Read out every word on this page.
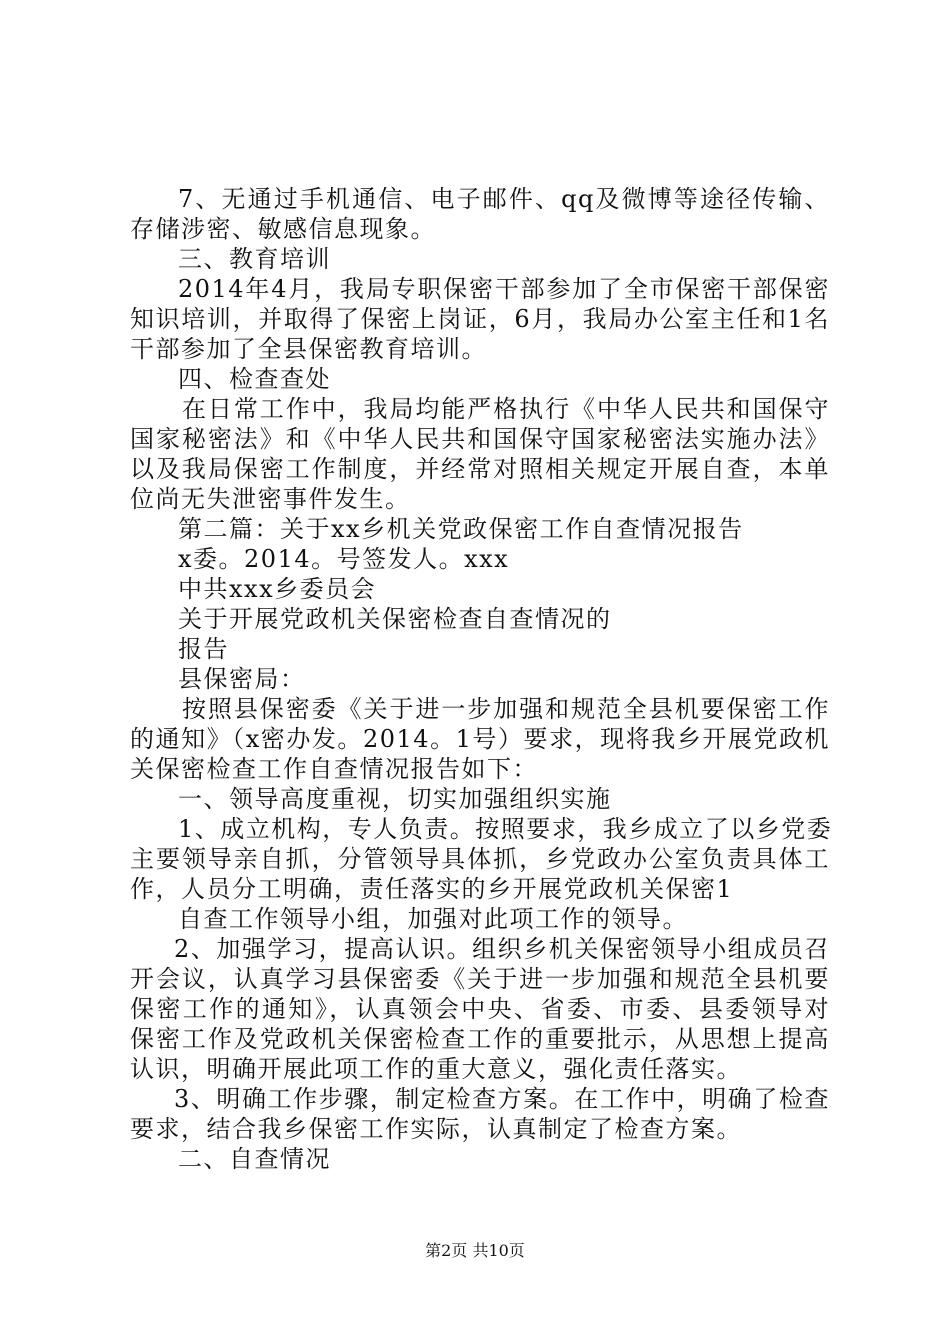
7、无通过手机通信、电子邮件、qq及微博等途径传输、
存储涉密、敏感信息现象。
三、教育培训
2014年4月，我局专职保密干部参加了全市保密干部保密
知识培训，并取得了保密上岗证，6月，我局办公室主任和1名
干部参加了全县保密教育培训。
四、检查查处
在日常工作中，我局均能严格执行《中华人民共和国保守
国家秘密法》和《中华人民共和国保守国家秘密法实施办法》
以及我局保密工作制度，并经常对照相关规定开展自查，本单
位尚无失泄密事件发生。
第二篇：关于xx乡机关党政保密工作自查情况报告
x委。2014。号签发人。xxx
中共xxx乡委员会
关于开展党政机关保密检查自查情况的
报告
县保密局：
按照县保密委《关于进一步加强和规范全县机要保密工作
的通知》（x密办发。2014。1号）要求，现将我乡开展党政机
关保密检查工作自查情况报告如下：
一、领导高度重视，切实加强组织实施
1、成立机构，专人负责。按照要求，我乡成立了以乡党委
主要领导亲自抓，分管领导具体抓，乡党政办公室负责具体工
作，人员分工明确，责任落实的乡开展党政机关保密1
自查工作领导小组，加强对此项工作的领导。
2、加强学习，提高认识。组织乡机关保密领导小组成员召
开会议，认真学习县保密委《关于进一步加强和规范全县机要
保密工作的通知》，认真领会中央、省委、市委、县委领导对
保密工作及党政机关保密检查工作的重要批示，从思想上提高
认识，明确开展此项工作的重大意义，强化责任落实。
3、明确工作步骤，制定检查方案。在工作中，明确了检查
要求，结合我乡保密工作实际，认真制定了检查方案。
二、自查情况
第2页 共10页
